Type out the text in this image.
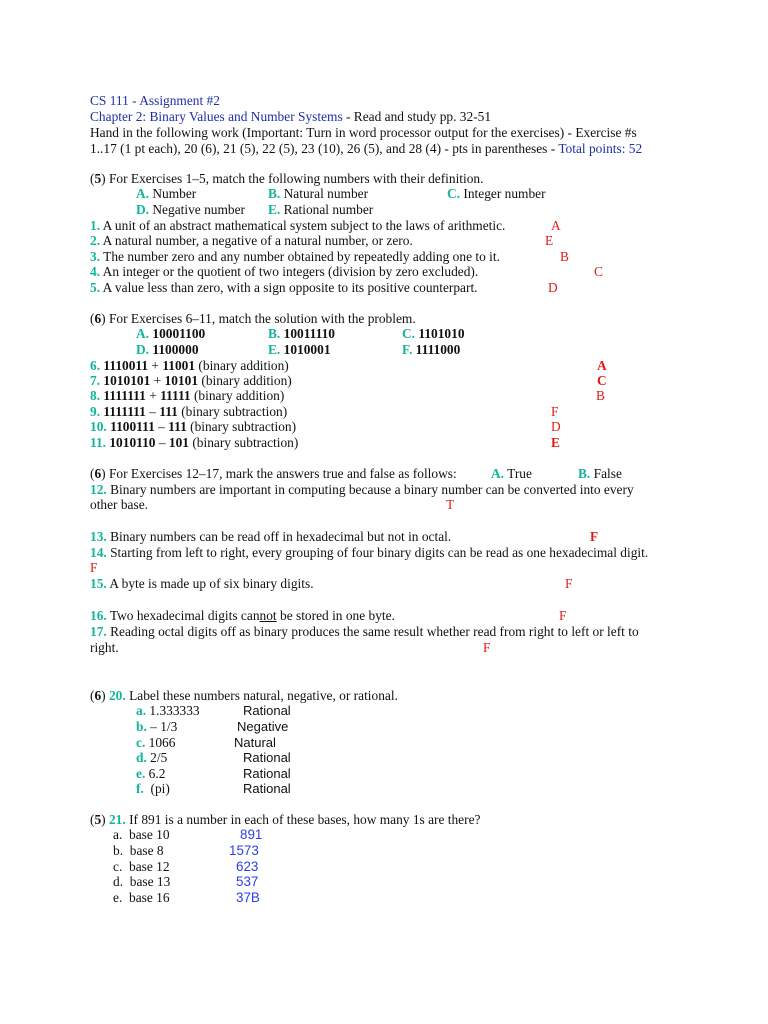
CS 111 - Assignment #2
Chapter 2: Binary Values and Number Systems - Read and study pp. 32-51
Hand in the following work (Important: Turn in word processor output for the exercises) - Exercise #s
1..17 (1 pt each), 20 (6), 21 (5), 22 (5), 23 (10), 26 (5), and 28 (4) - pts in parentheses - Total points: 52
(5) For Exercises 1–5, match the following numbers with their definition.
A. Number	B. Natural number	C. Integer number
D. Negative number E. Rational number
1. A unit of an abstract mathematical system subject to the laws of arithmetic.	A
2. A natural number, a negative of a natural number, or zero.	E
3. The number zero and any number obtained by repeatedly adding one to it.	B
4. An integer or the quotient of two integers (division by zero excluded).	C
5. A value less than zero, with a sign opposite to its positive counterpart.	D
(6) For Exercises 6–11, match the solution with the problem.
A. 10001100	B. 10011110	C. 1101010
D. 1100000	E. 1010001	F. 1111000
6. 1110011 + 11001 (binary addition)	A
7. 1010101 + 10101 (binary addition)	C
8. 1111111 + 11111 (binary addition)	B
9. 1111111 – 111 (binary subtraction)	F
10. 1100111 – 111 (binary subtraction)	D
11. 1010110 – 101 (binary subtraction)	E
(6) For Exercises 12–17, mark the answers true and false as follows:	A. True	B. False
12. Binary numbers are important in computing because a binary number can be converted into every
other base.	T
13. Binary numbers can be read off in hexadecimal but not in octal.	F
14. Starting from left to right, every grouping of four binary digits can be read as one hexadecimal digit.
F
15. A byte is made up of six binary digits.	F
16. Two hexadecimal digits cannot be stored in one byte.	F
17. Reading octal digits off as binary produces the same result whether read from right to left or left to
right.	F
(6) 20. Label these numbers natural, negative, or rational.
a. 1.333333	Rational
b. – 1/3	Negative
c. 1066	Natural
d. 2/5	Rational
e. 6.2	Rational
f. (pi)	Rational
(5) 21. If 891 is a number in each of these bases, how many 1s are there?
a. base 10	891
b. base 8	1573
c. base 12	623
d. base 13	537
e. base 16	37B
